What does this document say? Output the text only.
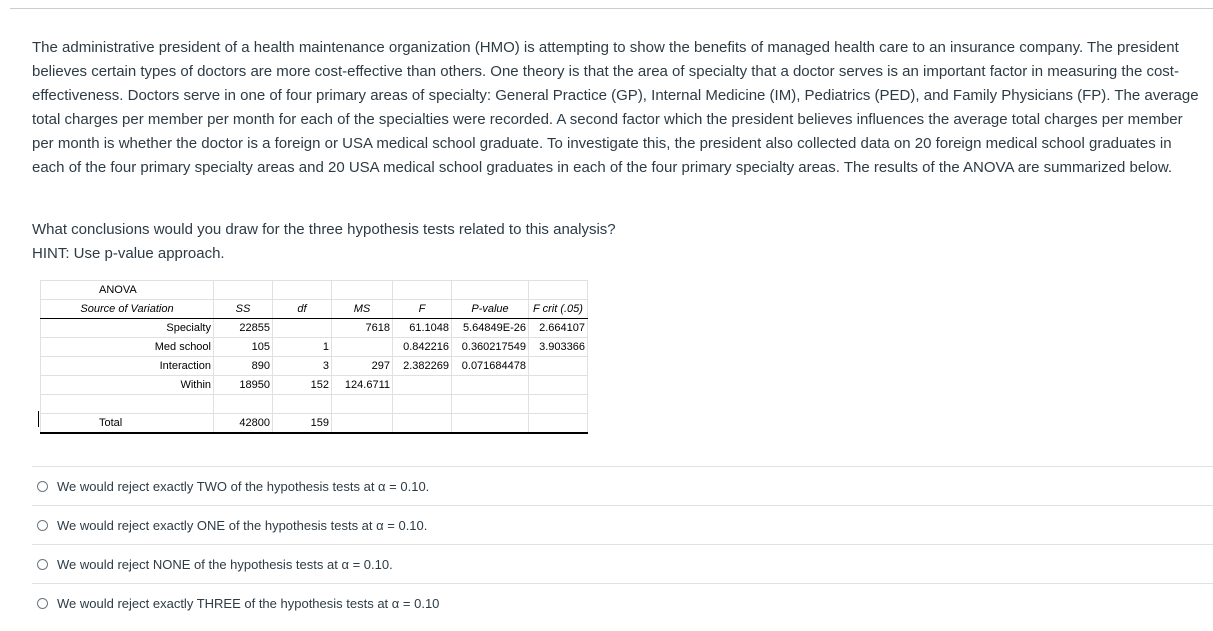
The administrative president of a health maintenance organization (HMO) is attempting to show the benefits of managed health care to an insurance company. The president believes certain types of doctors are more cost-effective than others. One theory is that the area of specialty that a doctor serves is an important factor in measuring the cost-effectiveness. Doctors serve in one of four primary areas of specialty: General Practice (GP), Internal Medicine (IM), Pediatrics (PED), and Family Physicians (FP). The average total charges per member per month for each of the specialties were recorded. A second factor which the president believes influences the average total charges per member per month is whether the doctor is a foreign or USA medical school graduate. To investigate this, the president also collected data on 20 foreign medical school graduates in each of the four primary specialty areas and 20 USA medical school graduates in each of the four primary specialty areas. The results of the ANOVA are summarized below.

What conclusions would you draw for the three hypothesis tests related to this analysis?
HINT: Use p-value approach.
ANOVA						
Source of Variation	SS	df	MS	F	P-value	F crit (.05)
Specialty	22855		7618	61.1048	5.64849E-26	2.664107
Med school	105	1		0.842216	0.360217549	3.903366
Interaction	890	3	297	2.382269	0.071684478	
Within	18950	152	124.6711			

Total	42800	159				
We would reject exactly TWO of the hypothesis tests at α = 0.10.
We would reject exactly ONE of the hypothesis tests at α = 0.10.
We would reject NONE of the hypothesis tests at α = 0.10.
We would reject exactly THREE of the hypothesis tests at α = 0.10
